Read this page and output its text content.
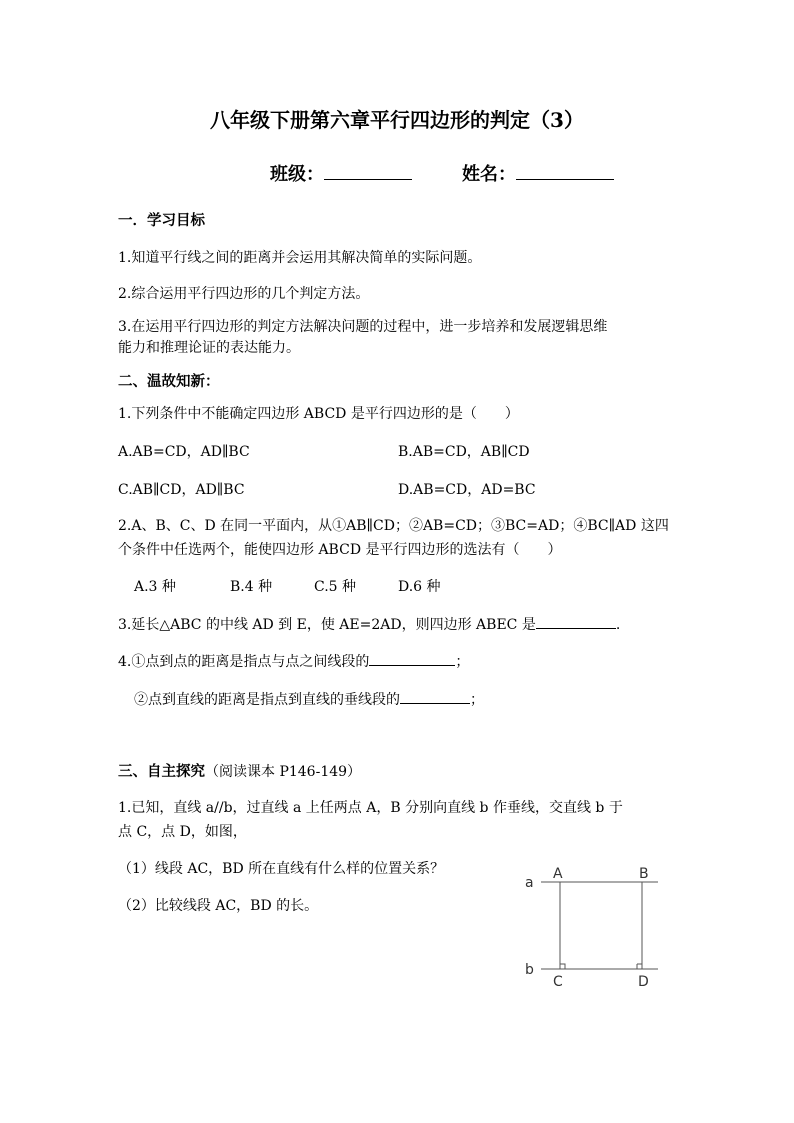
八年级下册第六章平行四边形的判定（3）
班级：	姓名：
一．学习目标
1.知道平行线之间的距离并会运用其解决简单的实际问题。
2.综合运用平行四边形的几个判定方法。
3.在运用平行四边形的判定方法解决问题的过程中，进一步培养和发展逻辑思维
能力和推理论证的表达能力。
二、温故知新：
1.下列条件中不能确定四边形 ABCD 是平行四边形的是（　　）
A.AB=CD，AD∥BC	B.AB=CD，AB∥CD
C.AB∥CD，AD∥BC	D.AB=CD，AD=BC
2.A、B、C、D 在同一平面内，从①AB∥CD；②AB=CD；③BC=AD；④BC∥AD 这四
个条件中任选两个，能使四边形 ABCD 是平行四边形的选法有（　　）
A.3 种	B.4 种	C.5 种	D.6 种
3.延长△ABC 的中线 AD 到 E，使 AE=2AD，则四边形 ABEC 是	.
4.①点到点的距离是指点与点之间线段的	；
②点到直线的距离是指点到直线的垂线段的	；
三、自主探究（阅读课本 P146-149）
1.已知，直线 a//b，过直线 a 上任两点 A，B 分别向直线 b 作垂线，交直线 b 于
点 C，点 D，如图，
（1）线段 AC，BD 所在直线有什么样的位置关系？
（2）比较线段 AC，BD 的长。
a
b
A	B
C	D
